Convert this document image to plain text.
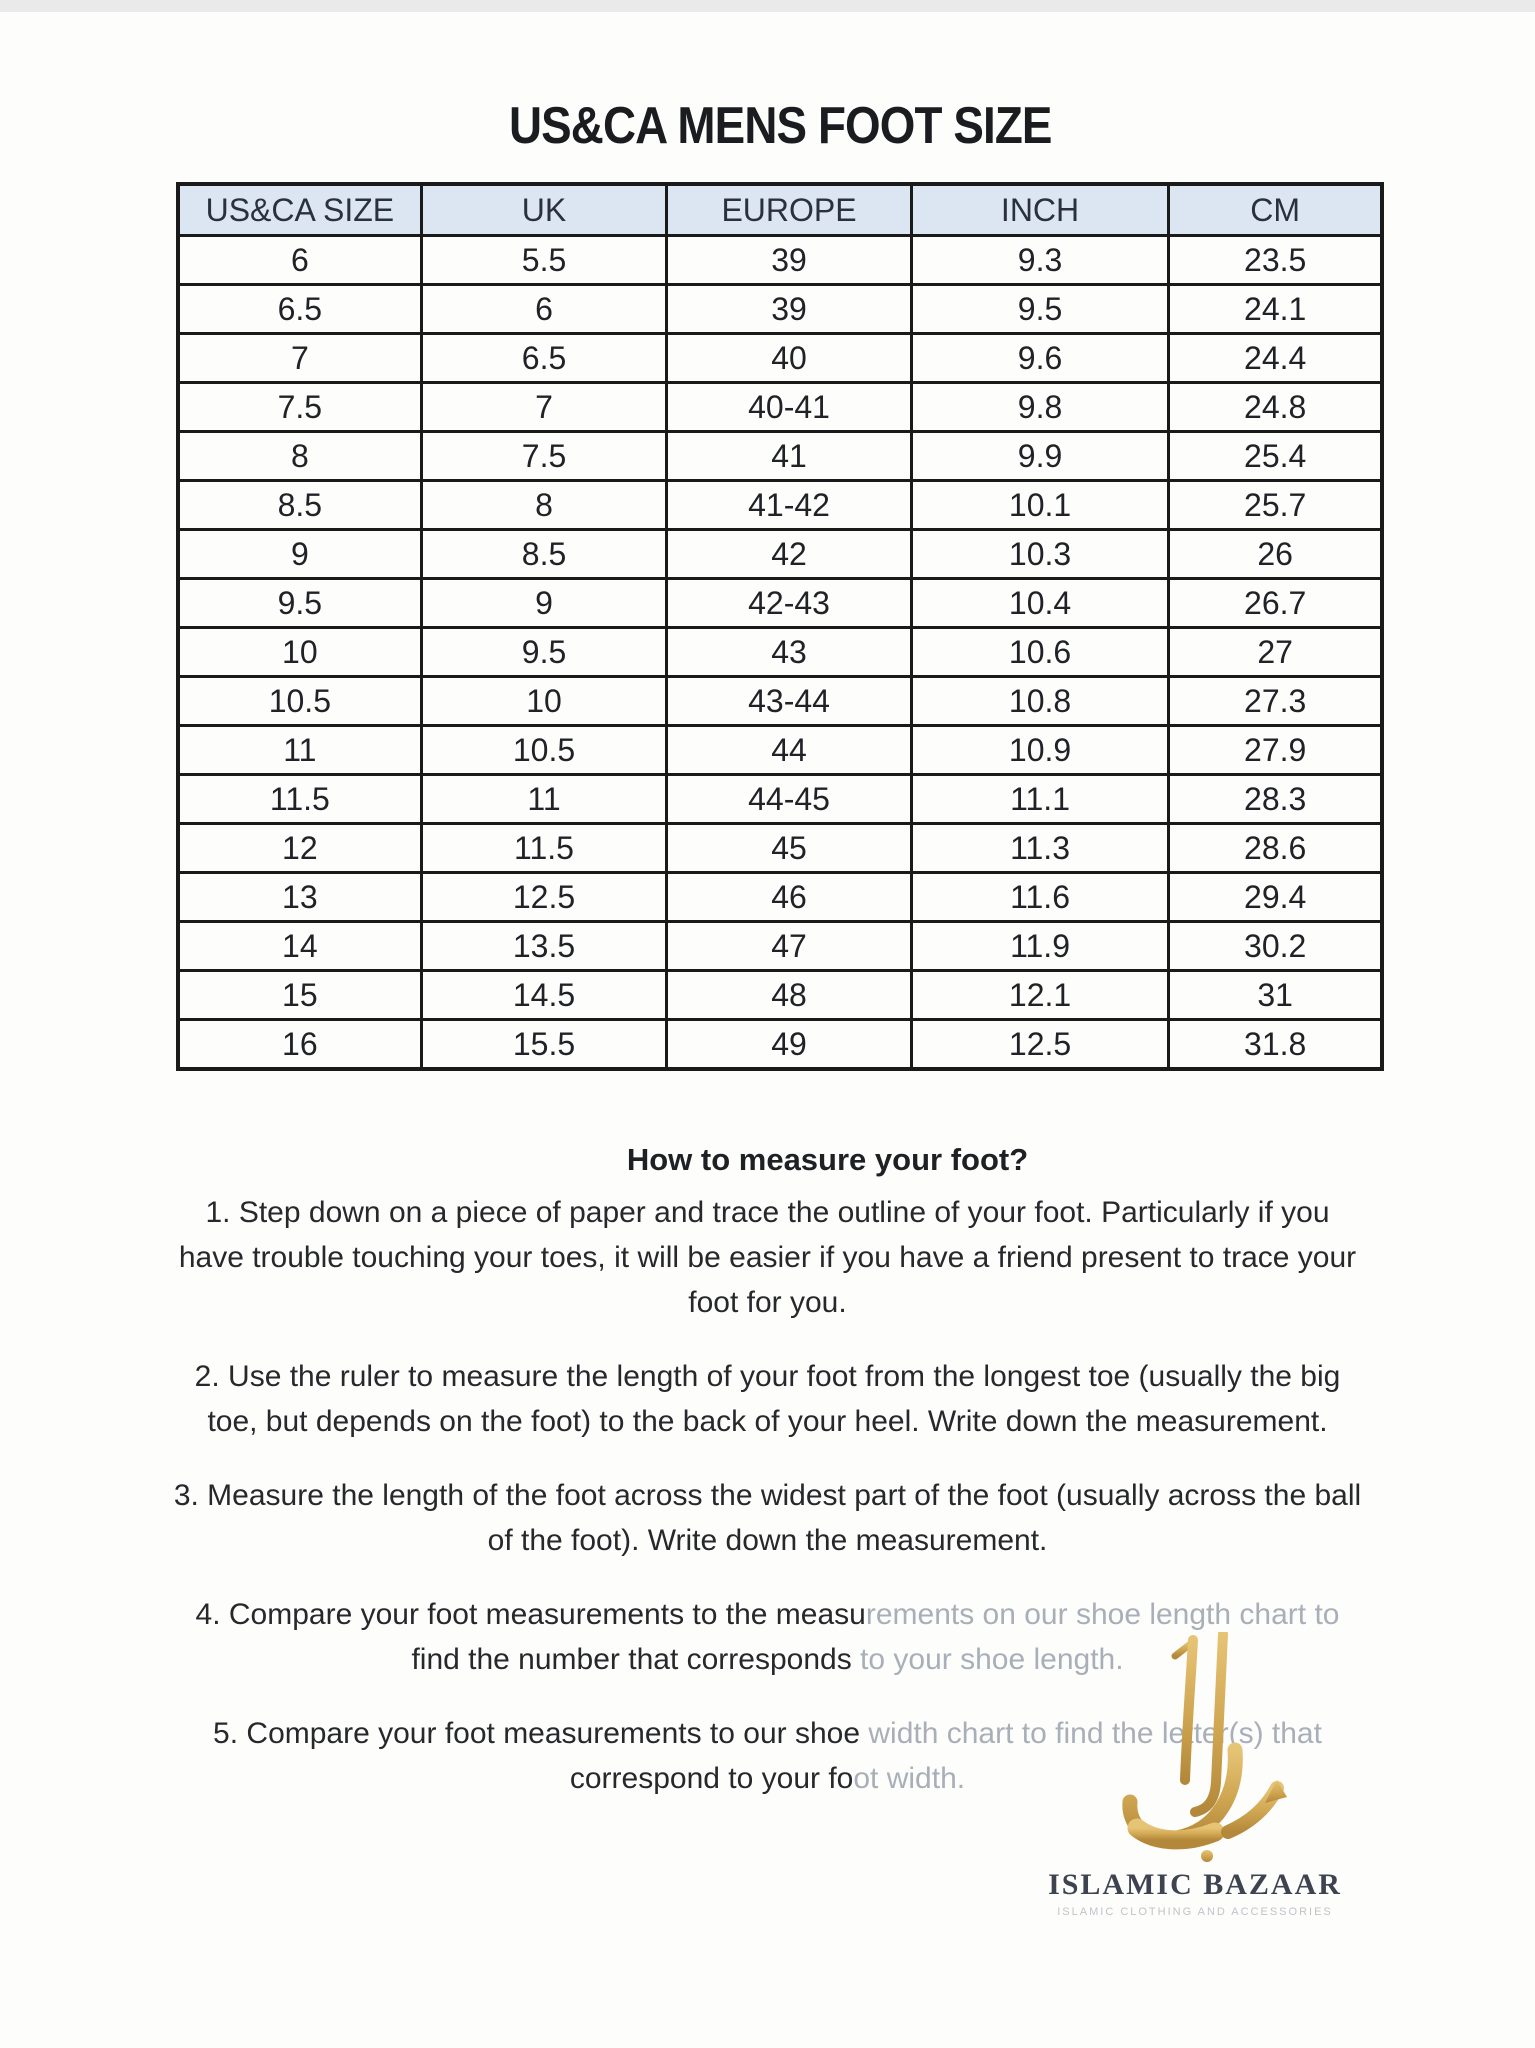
US&CA MENS FOOT SIZE
US&CA SIZE	UK	EUROPE	INCH	CM
6	5.5	39	9.3	23.5
6.5	6	39	9.5	24.1
7	6.5	40	9.6	24.4
7.5	7	40-41	9.8	24.8
8	7.5	41	9.9	25.4
8.5	8	41-42	10.1	25.7
9	8.5	42	10.3	26
9.5	9	42-43	10.4	26.7
10	9.5	43	10.6	27
10.5	10	43-44	10.8	27.3
11	10.5	44	10.9	27.9
11.5	11	44-45	11.1	28.3
12	11.5	45	11.3	28.6
13	12.5	46	11.6	29.4
14	13.5	47	11.9	30.2
15	14.5	48	12.1	31
16	15.5	49	12.5	31.8
How to measure your foot?
1. Step down on a piece of paper and trace the outline of your foot. Particularly if you
have trouble touching your toes, it will be easier if you have a friend present to trace your
foot for you.
2. Use the ruler to measure the length of your foot from the longest toe (usually the big
toe, but depends on the foot) to the back of your heel. Write down the measurement.
3. Measure the length of the foot across the widest part of the foot (usually across the ball
of the foot). Write down the measurement.
4. Compare your foot measurements to the measu rements on our shoe length chart to
find the number that corresponds to your shoe length.
5. Compare your foot measurements to our shoe width chart to find the letter(s) that
correspond to your fo ot width.
ISLAMIC BAZAAR
ISLAMIC CLOTHING AND ACCESSORIES
